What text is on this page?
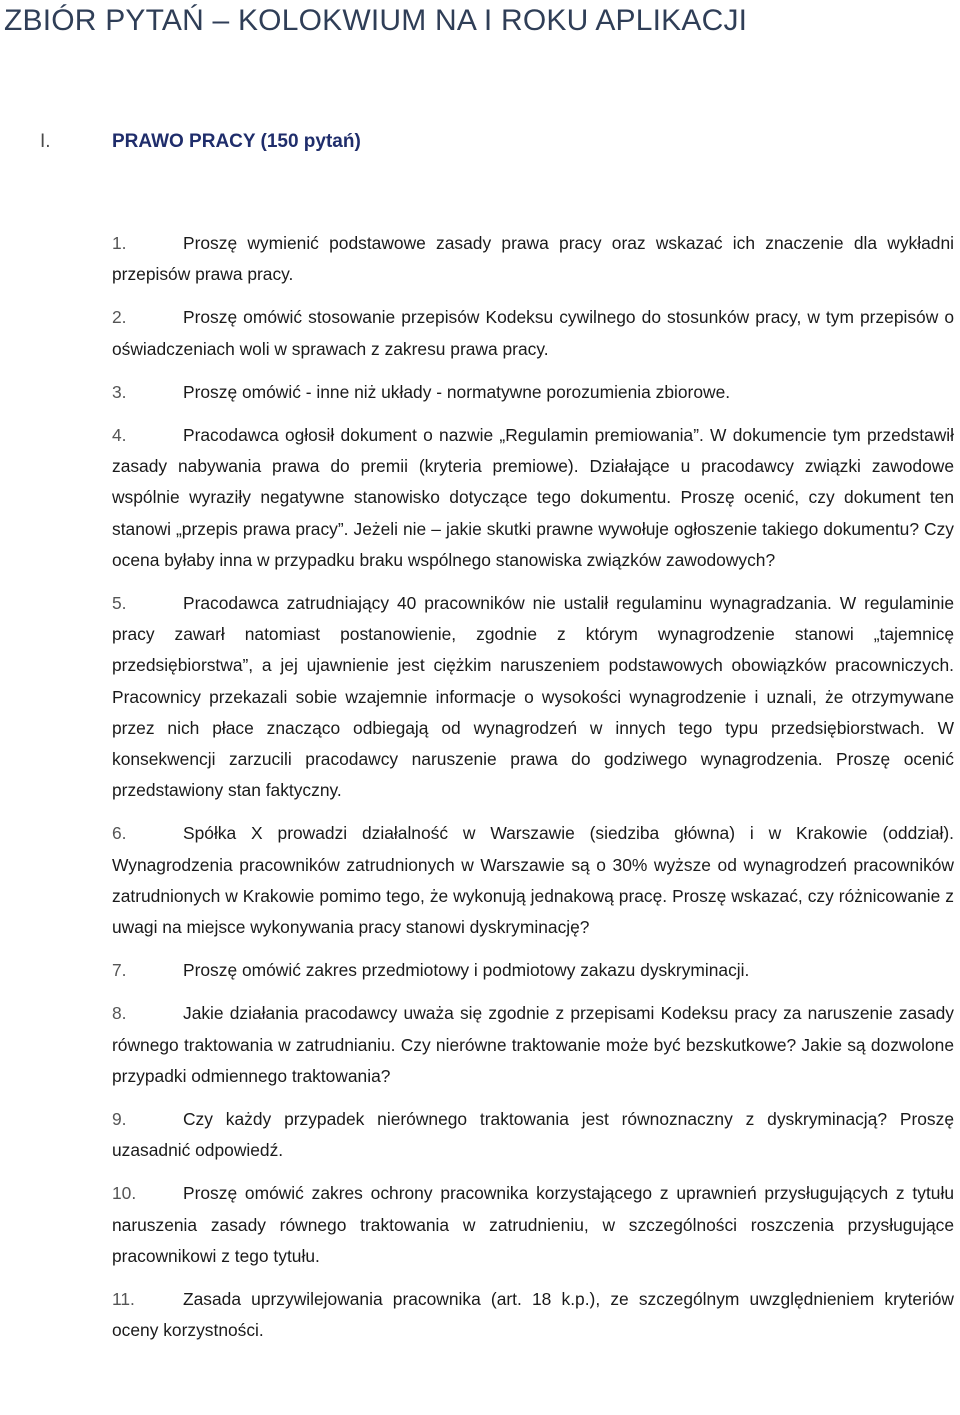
ZBIÓR PYTAŃ – KOLOKWIUM NA I ROKU APLIKACJI
I.	PRAWO PRACY (150 pytań)

1.	Proszę wymienić podstawowe zasady prawa pracy oraz wskazać ich znaczenie dla wykładni przepisów prawa pracy.

2.	Proszę omówić stosowanie przepisów Kodeksu cywilnego do stosunków pracy, w tym przepisów o oświadczeniach woli w sprawach z zakresu prawa pracy.

3.	Proszę omówić - inne niż układy - normatywne porozumienia zbiorowe.

4.	Pracodawca ogłosił dokument o nazwie „Regulamin premiowania”. W dokumencie tym przedstawił zasady nabywania prawa do premii (kryteria premiowe). Działające u pracodawcy związki zawodowe wspólnie wyraziły negatywne stanowisko dotyczące tego dokumentu. Proszę ocenić, czy dokument ten stanowi „przepis prawa pracy”. Jeżeli nie – jakie skutki prawne wywołuje ogłoszenie takiego dokumentu? Czy ocena byłaby inna w przypadku braku wspólnego stanowiska związków zawodowych?

5.	Pracodawca zatrudniający 40 pracowników nie ustalił regulaminu wynagradzania. W regulaminie pracy zawarł natomiast postanowienie, zgodnie z którym wynagrodzenie stanowi „tajemnicę przedsiębiorstwa”, a jej ujawnienie jest ciężkim naruszeniem podstawowych obowiązków pracowniczych. Pracownicy przekazali sobie wzajemnie informacje o wysokości wynagrodzenie i uznali, że otrzymywane przez nich płace znacząco odbiegają od wynagrodzeń w innych tego typu przedsiębiorstwach. W konsekwencji zarzucili pracodawcy naruszenie prawa do godziwego wynagrodzenia. Proszę ocenić przedstawiony stan faktyczny.

6.	Spółka X prowadzi działalność w Warszawie (siedziba główna) i w Krakowie (oddział). Wynagrodzenia pracowników zatrudnionych w Warszawie są o 30% wyższe od wynagrodzeń pracowników zatrudnionych w Krakowie pomimo tego, że wykonują jednakową pracę. Proszę wskazać, czy różnicowanie z uwagi na miejsce wykonywania pracy stanowi dyskryminację?

7.	Proszę omówić zakres przedmiotowy i podmiotowy zakazu dyskryminacji.

8.	Jakie działania pracodawcy uważa się zgodnie z przepisami Kodeksu pracy za naruszenie zasady równego traktowania w zatrudnianiu. Czy nierówne traktowanie może być bezskutkowe? Jakie są dozwolone przypadki odmiennego traktowania?

9.	Czy każdy przypadek nierównego traktowania jest równoznaczny z dyskryminacją? Proszę uzasadnić odpowiedź.

10.	Proszę omówić zakres ochrony pracownika korzystającego z uprawnień przysługujących z tytułu naruszenia zasady równego traktowania w zatrudnieniu, w szczególności roszczenia przysługujące pracownikowi z tego tytułu.

11.	Zasada uprzywilejowania pracownika (art. 18 k.p.), ze szczególnym uwzględnieniem kryteriów oceny korzystności.
